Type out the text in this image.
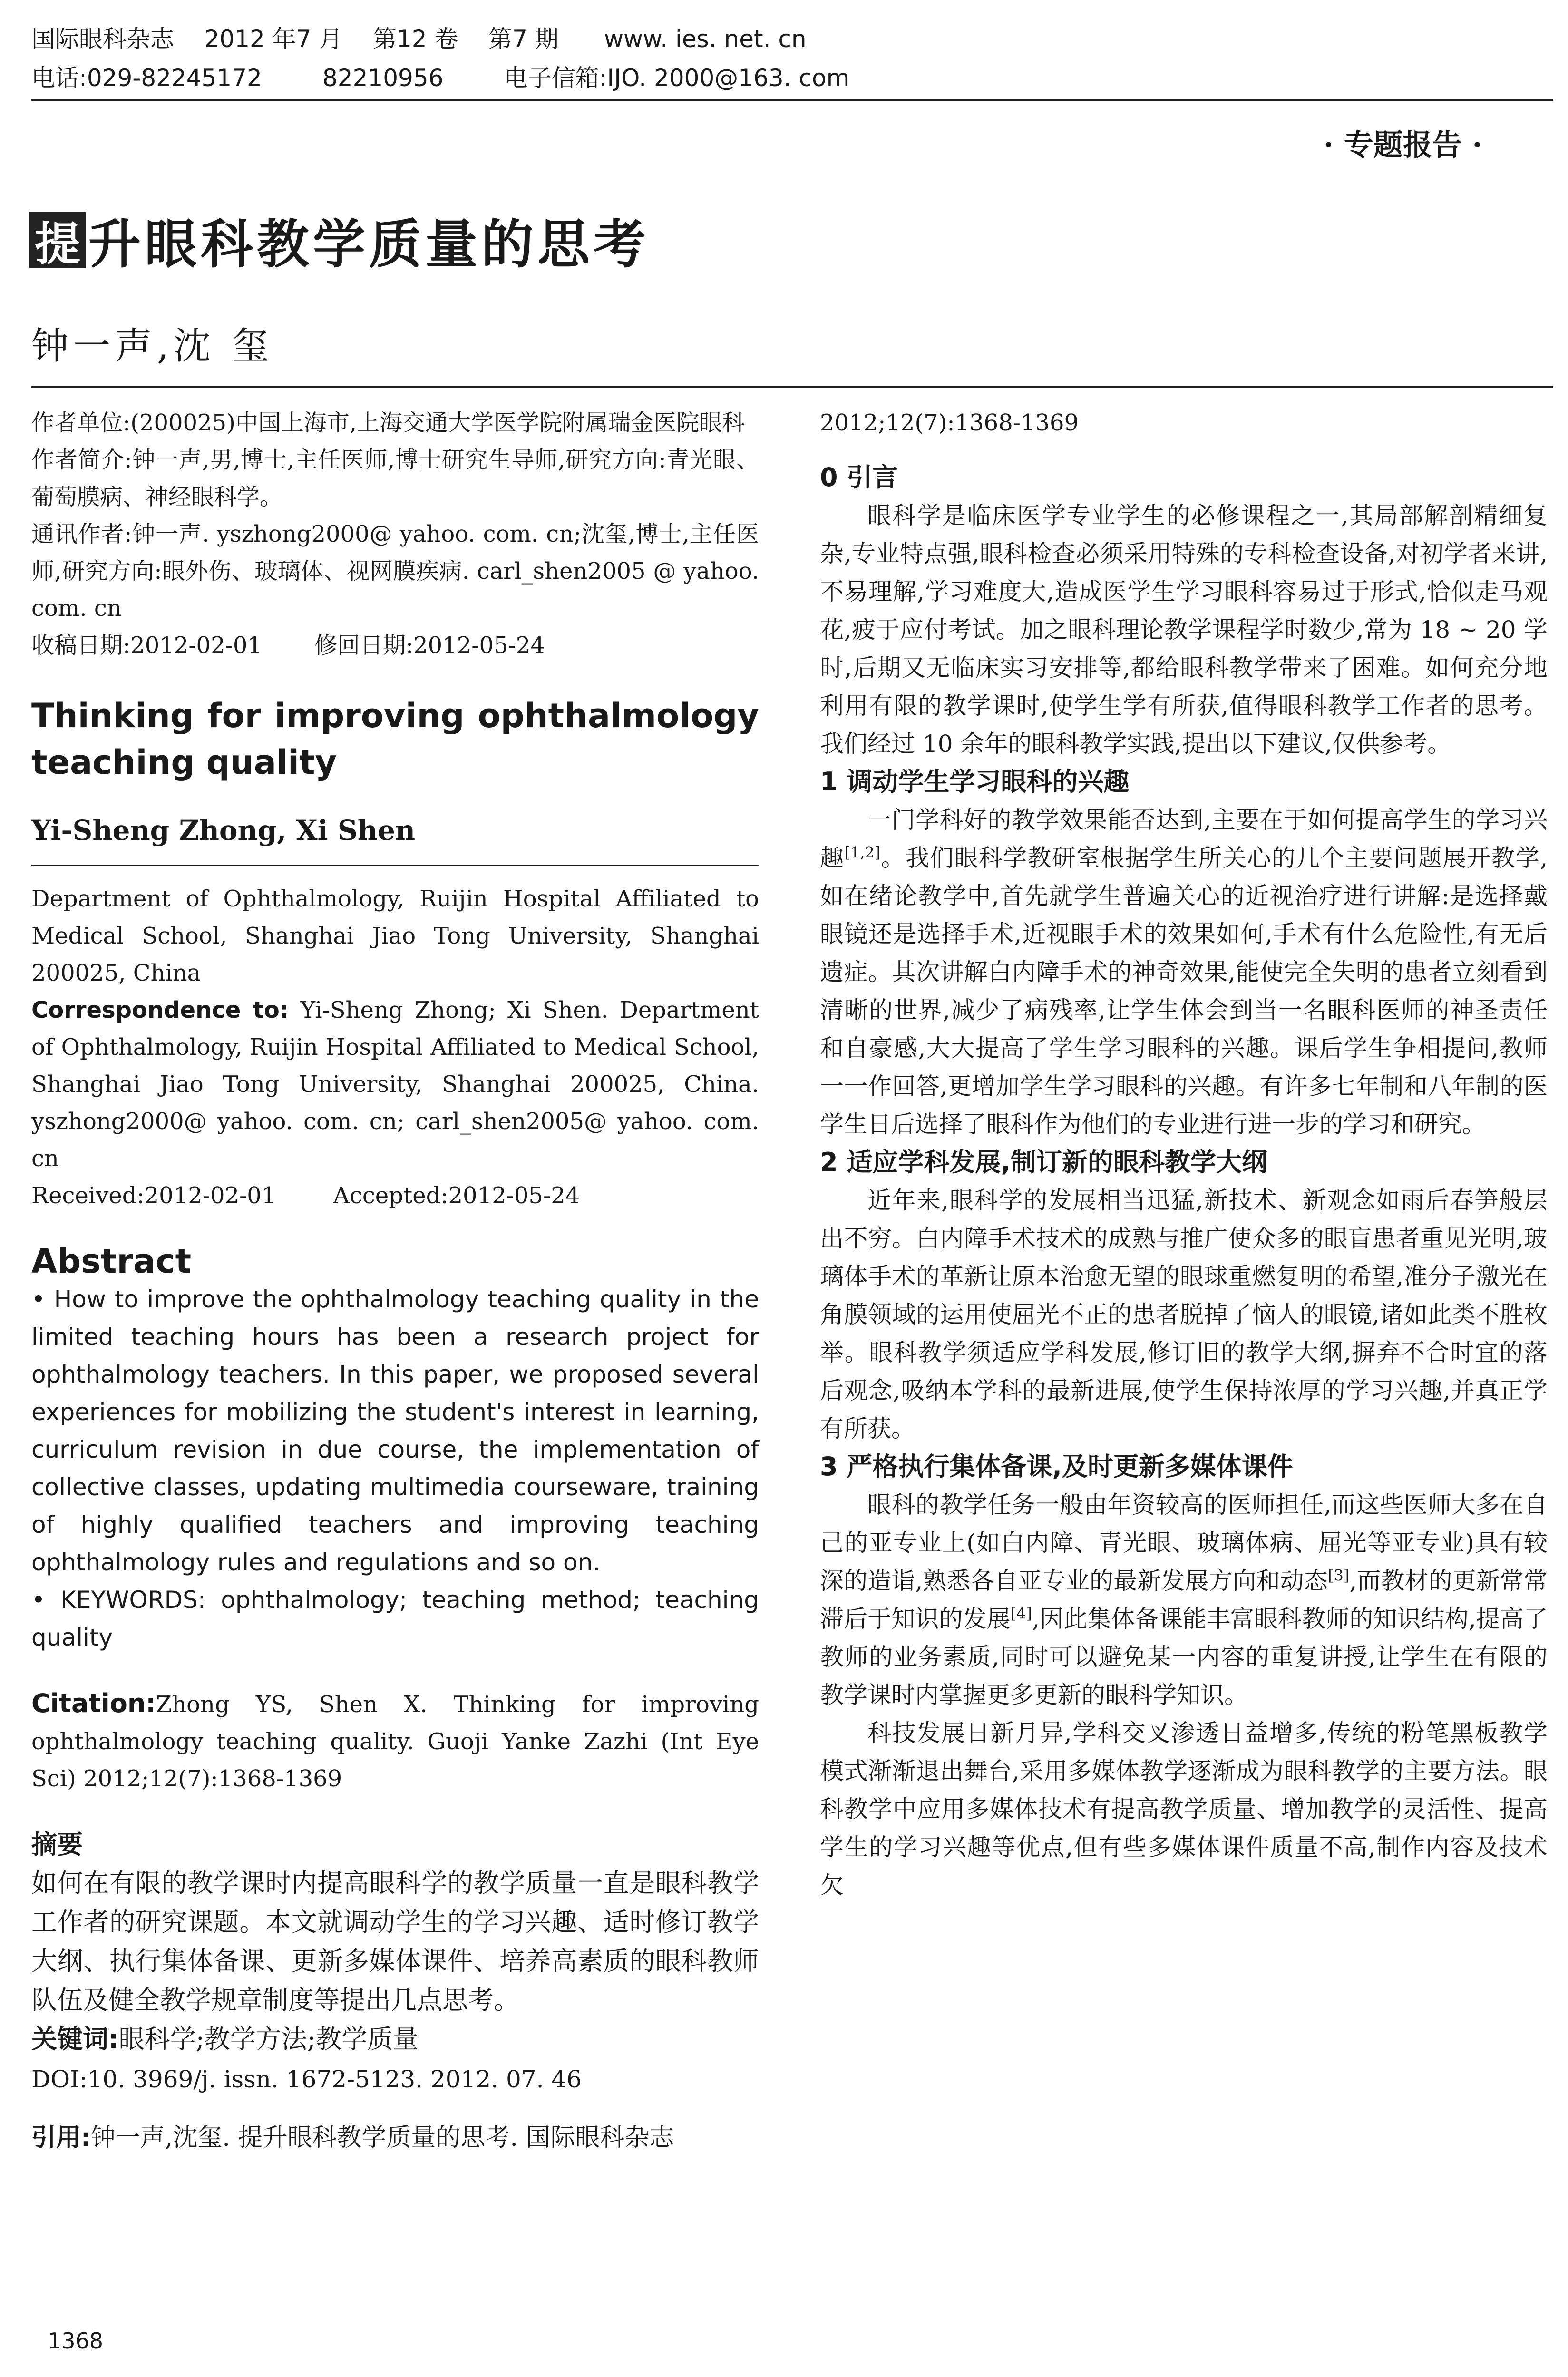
国际眼科杂志    2012 年7 月    第12 卷    第7 期      www. ies. net. cn
电话:029-82245172        82210956        电子信箱:IJO. 2000@163. com
· 专题报告 ·
提 升眼科教学质量的思考
钟一声,沈 玺

作者单位:(200025)中国上海市,上海交通大学医学院附属瑞金医院眼科

作者简介:钟一声,男,博士,主任医师,博士研究生导师,研究方向:青光眼、葡萄膜病、神经眼科学。

通讯作者:钟一声. yszhong2000@ yahoo. com. cn;沈玺,博士,主任医师,研究方向:眼外伤、玻璃体、视网膜疾病. carl_shen2005 @ yahoo. com. cn

收稿日期:2012-02-01 修回日期:2012-05-24

Thinking for improving ophthalmology teaching quality

Yi-Sheng Zhong, Xi Shen

Department of Ophthalmology, Ruijin Hospital Affiliated to Medical School, Shanghai Jiao Tong University, Shanghai 200025, China

Correspondence to: Yi-Sheng Zhong; Xi Shen. Department of Ophthalmology, Ruijin Hospital Affiliated to Medical School, Shanghai Jiao Tong University, Shanghai 200025, China. yszhong2000@ yahoo. com. cn; carl_shen2005@ yahoo. com. cn

Received:2012-02-01	Accepted:2012-05-24

Abstract

• How to improve the ophthalmology teaching quality in the limited teaching hours has been a research project for ophthalmology teachers. In this paper, we proposed several experiences for mobilizing the student's interest in learning, curriculum revision in due course, the implementation of collective classes, updating multimedia courseware, training of highly qualified teachers and improving teaching ophthalmology rules and regulations and so on.

• KEYWORDS: ophthalmology; teaching method; teaching quality

Citation:Zhong YS, Shen X. Thinking for improving ophthalmology teaching quality. Guoji Yanke Zazhi (Int Eye Sci) 2012;12(7):1368-1369

摘要

如何在有限的教学课时内提高眼科学的教学质量一直是眼科教学工作者的研究课题。本文就调动学生的学习兴趣、适时修订教学大纲、执行集体备课、更新多媒体课件、培养高素质的眼科教师队伍及健全教学规章制度等提出几点思考。

关键词:眼科学;教学方法;教学质量

DOI:10. 3969/j. issn. 1672-5123. 2012. 07. 46

引用:钟一声,沈玺. 提升眼科教学质量的思考. 国际眼科杂志

2012;12(7):1368-1369

0 引言

眼科学是临床医学专业学生的必修课程之一,其局部解剖精细复杂,专业特点强,眼科检查必须采用特殊的专科检查设备,对初学者来讲,不易理解,学习难度大,造成医学生学习眼科容易过于形式,恰似走马观花,疲于应付考试。加之眼科理论教学课程学时数少,常为 18 ~ 20 学时,后期又无临床实习安排等,都给眼科教学带来了困难。如何充分地利用有限的教学课时,使学生学有所获,值得眼科教学工作者的思考。我们经过 10 余年的眼科教学实践,提出以下建议,仅供参考。

1 调动学生学习眼科的兴趣

一门学科好的教学效果能否达到,主要在于如何提高学生的学习兴趣[1,2]。我们眼科学教研室根据学生所关心的几个主要问题展开教学,如在绪论教学中,首先就学生普遍关心的近视治疗进行讲解:是选择戴眼镜还是选择手术,近视眼手术的效果如何,手术有什么危险性,有无后遗症。其次讲解白内障手术的神奇效果,能使完全失明的患者立刻看到清晰的世界,减少了病残率,让学生体会到当一名眼科医师的神圣责任和自豪感,大大提高了学生学习眼科的兴趣。课后学生争相提问,教师一一作回答,更增加学生学习眼科的兴趣。有许多七年制和八年制的医学生日后选择了眼科作为他们的专业进行进一步的学习和研究。

2 适应学科发展,制订新的眼科教学大纲

近年来,眼科学的发展相当迅猛,新技术、新观念如雨后春笋般层出不穷。白内障手术技术的成熟与推广使众多的眼盲患者重见光明,玻璃体手术的革新让原本治愈无望的眼球重燃复明的希望,准分子激光在角膜领域的运用使屈光不正的患者脱掉了恼人的眼镜,诸如此类不胜枚举。眼科教学须适应学科发展,修订旧的教学大纲,摒弃不合时宜的落后观念,吸纳本学科的最新进展,使学生保持浓厚的学习兴趣,并真正学有所获。

3 严格执行集体备课,及时更新多媒体课件

眼科的教学任务一般由年资较高的医师担任,而这些医师大多在自己的亚专业上(如白内障、青光眼、玻璃体病、屈光等亚专业)具有较深的造诣,熟悉各自亚专业的最新发展方向和动态[3],而教材的更新常常滞后于知识的发展[4],因此集体备课能丰富眼科教师的知识结构,提高了教师的业务素质,同时可以避免某一内容的重复讲授,让学生在有限的教学课时内掌握更多更新的眼科学知识。

科技发展日新月异,学科交叉渗透日益增多,传统的粉笔黑板教学模式渐渐退出舞台,采用多媒体教学逐渐成为眼科教学的主要方法。眼科教学中应用多媒体技术有提高教学质量、增加教学的灵活性、提高学生的学习兴趣等优点,但有些多媒体课件质量不高,制作内容及技术欠

1368
